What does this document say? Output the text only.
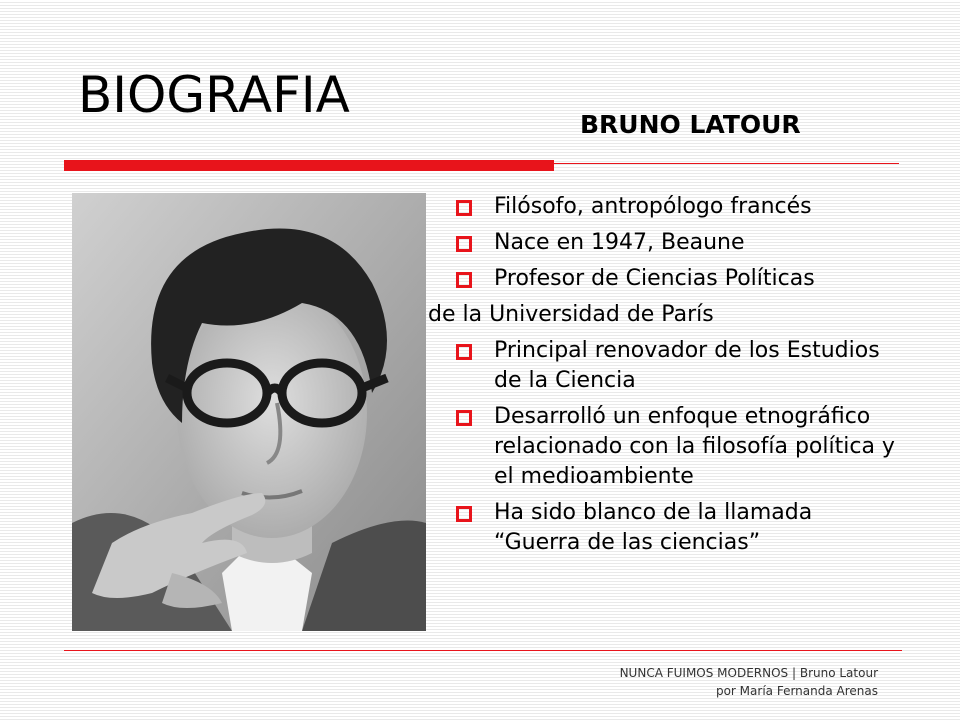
BIOGRAFIA
BRUNO LATOUR
Filósofo, antropólogo francés
Nace en 1947, Beaune
Profesor de Ciencias Políticas
de la Universidad de París
Principal renovador de los Estudios de la Ciencia
Desarrolló un enfoque etnográfico relacionado con la filosofía política y el medioambiente
Ha sido blanco de la llamada “Guerra de las ciencias”
NUNCA FUIMOS MODERNOS | Bruno Latour
por María Fernanda Arenas
